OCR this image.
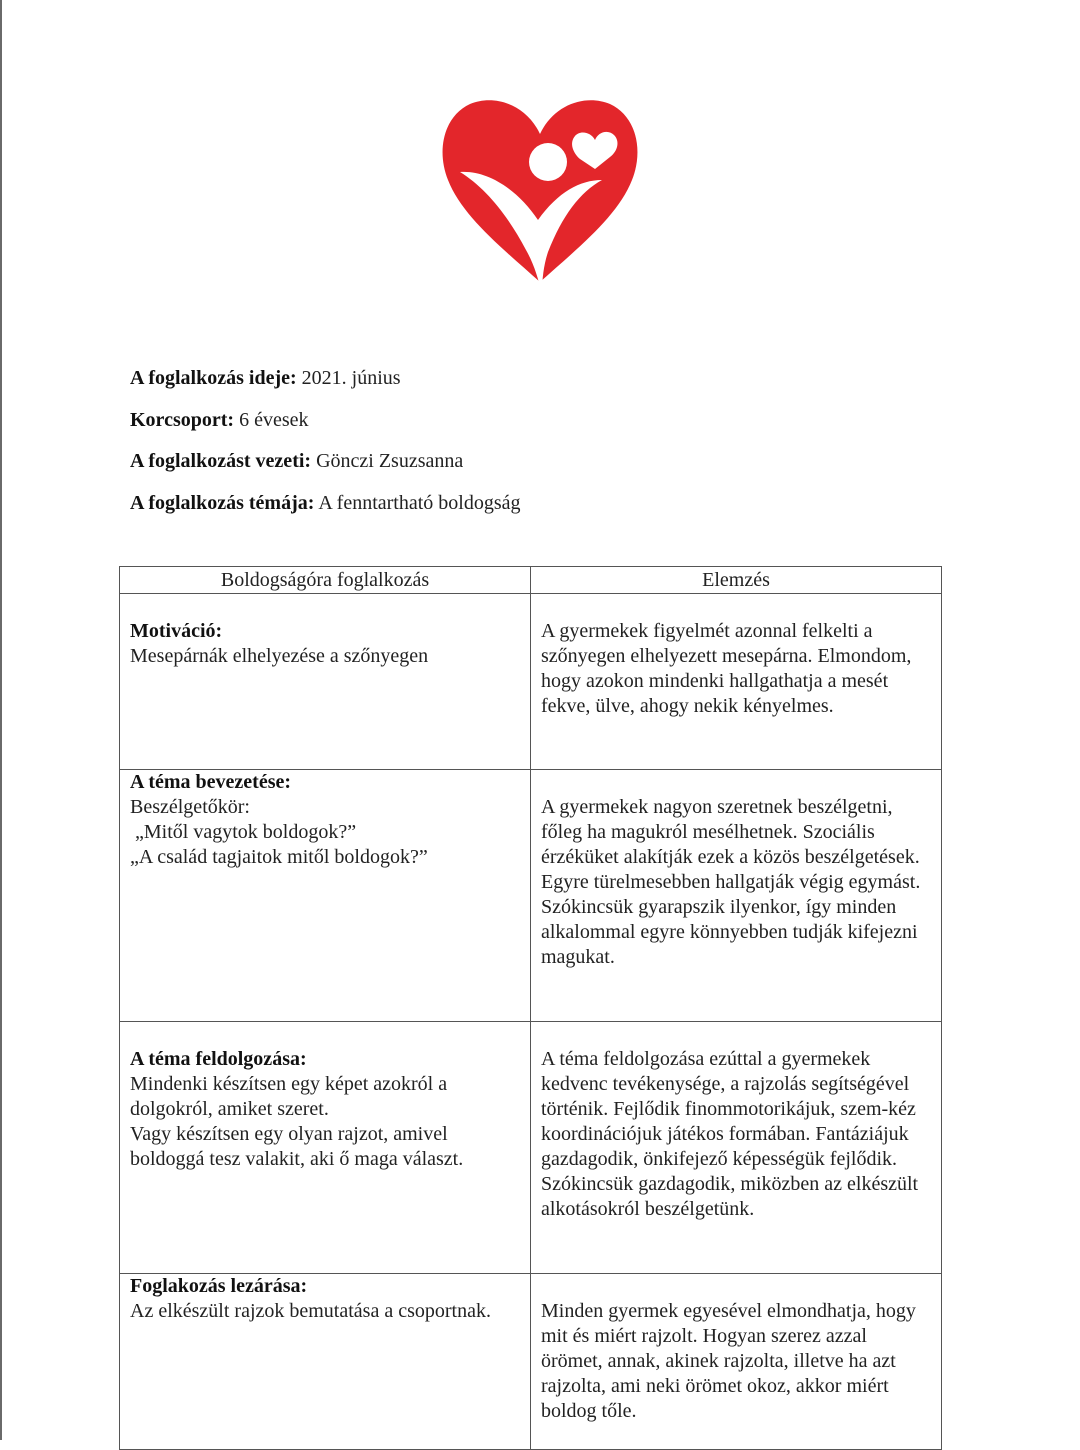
A foglalkozás ideje: 2021. június
Korcsoport: 6 évesek
A foglalkozást vezeti: Gönczi Zsuzsanna
A foglalkozás témája: A fenntartható boldogság
Boldogságóra foglalkozás	Elemzés

Motiváció:
Mesepárnák elhelyezése a szőnyegen	A gyermekek figyelmét azonnal felkelti a szőnyegen elhelyezett mesepárna. Elmondom, hogy azokon mindenki hallgathatja a mesét fekve, ülve, ahogy nekik kényelmes.

A téma bevezetése:
Beszélgetőkör:
„Mitől vagytok boldogok?”
„A család tagjaitok mitől boldogok?”
	A gyermekek nagyon szeretnek beszélgetni, főleg ha magukról mesélhetnek. Szociális érzéküket alakítják ezek a közös beszélgetések. Egyre türelmesebben hallgatják végig egymást. Szókincsük gyarapszik ilyenkor, így minden alkalommal egyre könnyebben tudják kifejezni magukat.

A téma feldolgozása:
Mindenki készítsen egy képet azokról a dolgokról, amiket szeret.
Vagy készítsen egy olyan rajzot, amivel boldoggá tesz valakit, aki ő maga választ.
	A téma feldolgozása ezúttal a gyermekek kedvenc tevékenysége, a rajzolás segítségével történik. Fejlődik finommotorikájuk, szem-kéz koordinációjuk játékos formában. Fantáziájuk gazdagodik, önkifejező képességük fejlődik. Szókincsük gazdagodik, miközben az elkészült alkotásokról beszélgetünk.

Foglakozás lezárása:
Az elkészült rajzok bemutatása a csoportnak.	Minden gyermek egyesével elmondhatja, hogy mit és miért rajzolt. Hogyan szerez azzal örömet, annak, akinek rajzolta, illetve ha azt rajzolta, ami neki örömet okoz, akkor miért boldog tőle.
